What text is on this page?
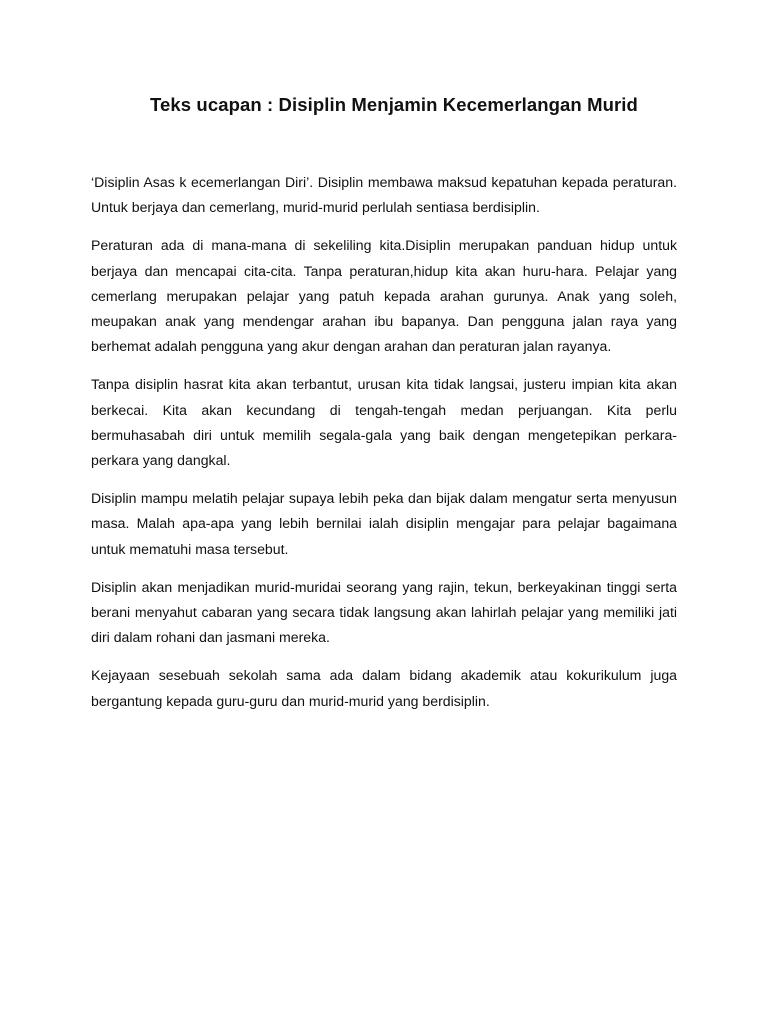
Teks ucapan : Disiplin Menjamin Kecemerlangan Murid

‘Disiplin Asas k ecemerlangan Diri’. Disiplin membawa maksud kepatuhan kepada peraturan. Untuk berjaya dan cemerlang, murid-murid perlulah sentiasa berdisiplin.

Peraturan ada di mana-mana di sekeliling kita.Disiplin merupakan panduan hidup untuk berjaya dan mencapai cita-cita. Tanpa peraturan,hidup kita akan huru-hara. Pelajar yang cemerlang merupakan pelajar yang patuh kepada arahan gurunya. Anak yang soleh, meupakan anak yang mendengar arahan ibu bapanya. Dan pengguna jalan raya yang berhemat adalah pengguna yang akur dengan arahan dan peraturan jalan rayanya.

Tanpa disiplin hasrat kita akan terbantut, urusan kita tidak langsai, justeru impian kita akan berkecai. Kita akan kecundang di tengah-tengah medan perjuangan. Kita perlu bermuhasabah diri untuk memilih segala-gala yang baik dengan mengetepikan perkara-perkara yang dangkal.

Disiplin mampu melatih pelajar supaya lebih peka dan bijak dalam mengatur serta menyusun masa. Malah apa-apa yang lebih bernilai ialah disiplin mengajar para pelajar bagaimana untuk mematuhi masa tersebut.

Disiplin akan menjadikan murid-muridai seorang yang rajin, tekun, berkeyakinan tinggi serta berani menyahut cabaran yang secara tidak langsung akan lahirlah pelajar yang memiliki jati diri dalam rohani dan jasmani mereka.

Kejayaan sesebuah sekolah sama ada dalam bidang akademik atau kokurikulum juga bergantung kepada guru-guru dan murid-murid yang berdisiplin.
